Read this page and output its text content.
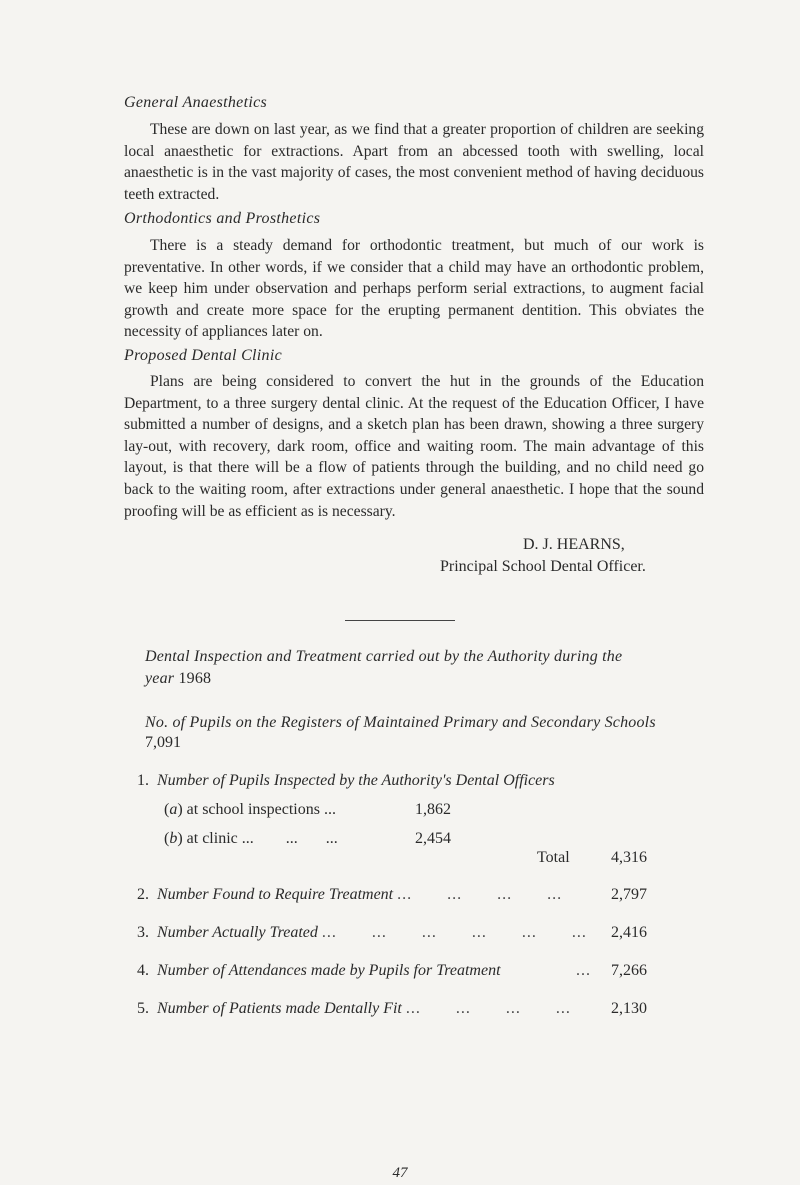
General Anaesthetics
These are down on last year, as we find that a greater proportion of children are seeking local anaesthetic for extractions. Apart from an abcessed tooth with swelling, local anaesthetic is in the vast majority of cases, the most convenient method of having deciduous teeth extracted.
Orthodontics and Prosthetics
There is a steady demand for orthodontic treatment, but much of our work is preventative. In other words, if we consider that a child may have an orthodontic problem, we keep him under observation and perhaps perform serial extractions, to augment facial growth and create more space for the erupting permanent dentition. This obviates the necessity of appliances later on.
Proposed Dental Clinic
Plans are being considered to convert the hut in the grounds of the Education Department, to a three surgery dental clinic. At the request of the Education Officer, I have submitted a number of designs, and a sketch plan has been drawn, showing a three surgery lay-out, with recovery, dark room, office and waiting room. The main advantage of this layout, is that there will be a flow of patients through the building, and no child need go back to the waiting room, after extractions under general anaesthetic. I hope that the sound proofing will be as efficient as is necessary.
D. J. HEARNS,
Principal School Dental Officer.
Dental Inspection and Treatment carried out by the Authority during the
year 1968
No. of Pupils on the Registers of Maintained Primary and Secondary Schools
7,091
1. Number of Pupils Inspected by the Authority's Dental Officers
(a) at school inspections ...	1,862
(b) at clinic ...        ...       ...	2,454
Total	4,316
2. Number Found to Require Treatment ...       ...       ...       ...	2,797
3. Number Actually Treated ...       ...       ...       ...       ...       ... 2,416
4. Number of Attendances made by Pupils for Treatment	... 7,266
5. Number of Patients made Dentally Fit ...       ...       ...       ...	2,130
47
